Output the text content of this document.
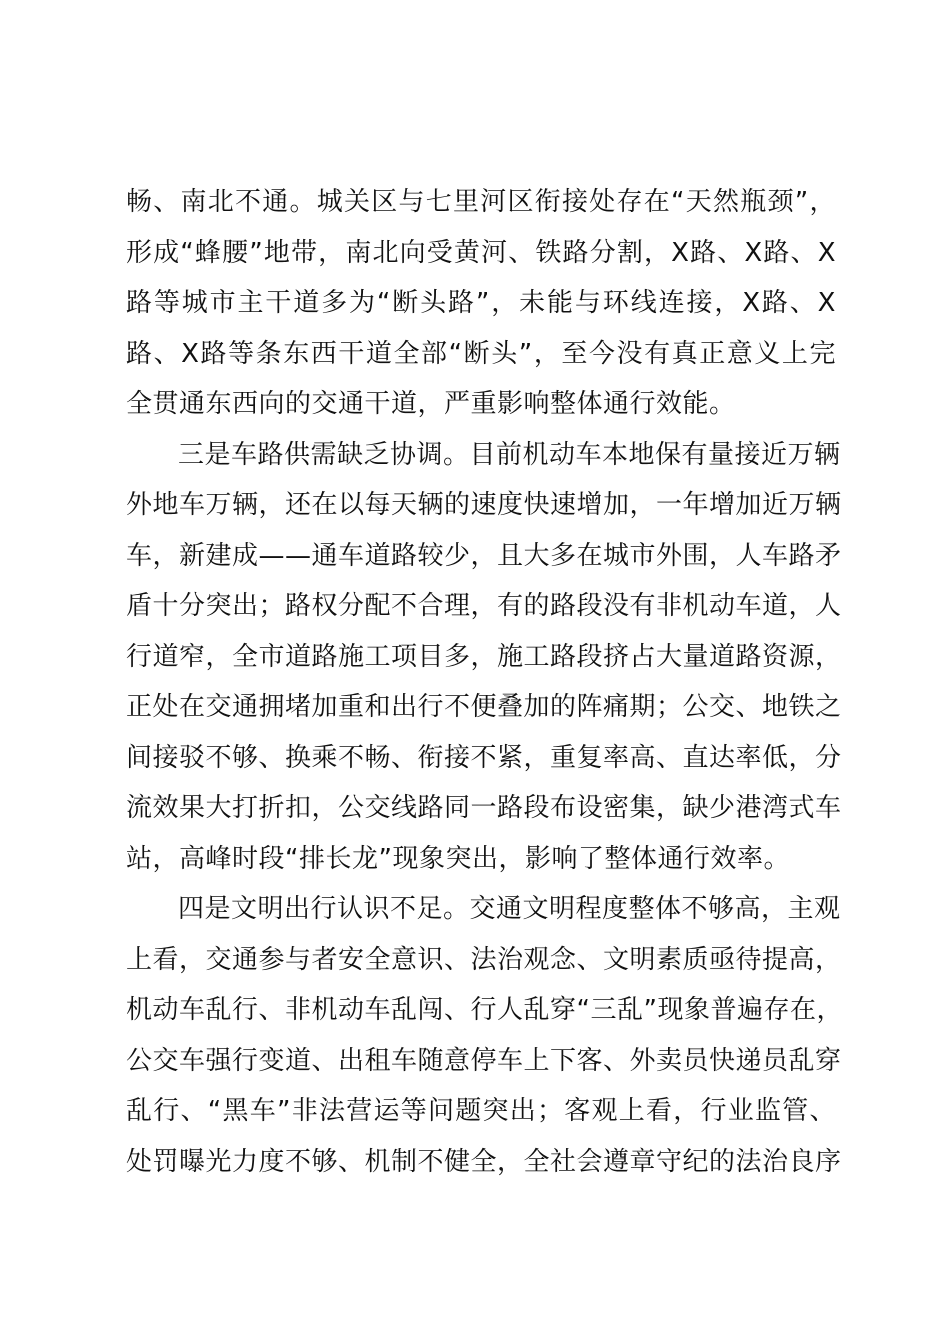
畅、南北不通。城关区与七里河区衔接处存在“天然瓶颈”，
形成“蜂腰”地带，南北向受黄河、铁路分割，X路、X路、X
路等城市主干道多为“断头路”，未能与环线连接，X路、X
路、X路等条东西干道全部“断头”，至今没有真正意义上完
全贯通东西向的交通干道，严重影响整体通行效能。
三是车路供需缺乏协调。目前机动车本地保有量接近万辆
外地车万辆，还在以每天辆的速度快速增加，一年增加近万辆
车，新建成——通车道路较少，且大多在城市外围，人车路矛
盾十分突出；路权分配不合理，有的路段没有非机动车道，人
行道窄，全市道路施工项目多，施工路段挤占大量道路资源，
正处在交通拥堵加重和出行不便叠加的阵痛期；公交、地铁之
间接驳不够、换乘不畅、衔接不紧，重复率高、直达率低，分
流效果大打折扣，公交线路同一路段布设密集，缺少港湾式车
站，高峰时段“排长龙”现象突出，影响了整体通行效率。
四是文明出行认识不足。交通文明程度整体不够高，主观
上看，交通参与者安全意识、法治观念、文明素质亟待提高，
机动车乱行、非机动车乱闯、行人乱穿“三乱”现象普遍存在，
公交车强行变道、出租车随意停车上下客、外卖员快递员乱穿
乱行、“黑车”非法营运等问题突出；客观上看，行业监管、
处罚曝光力度不够、机制不健全，全社会遵章守纪的法治良序
